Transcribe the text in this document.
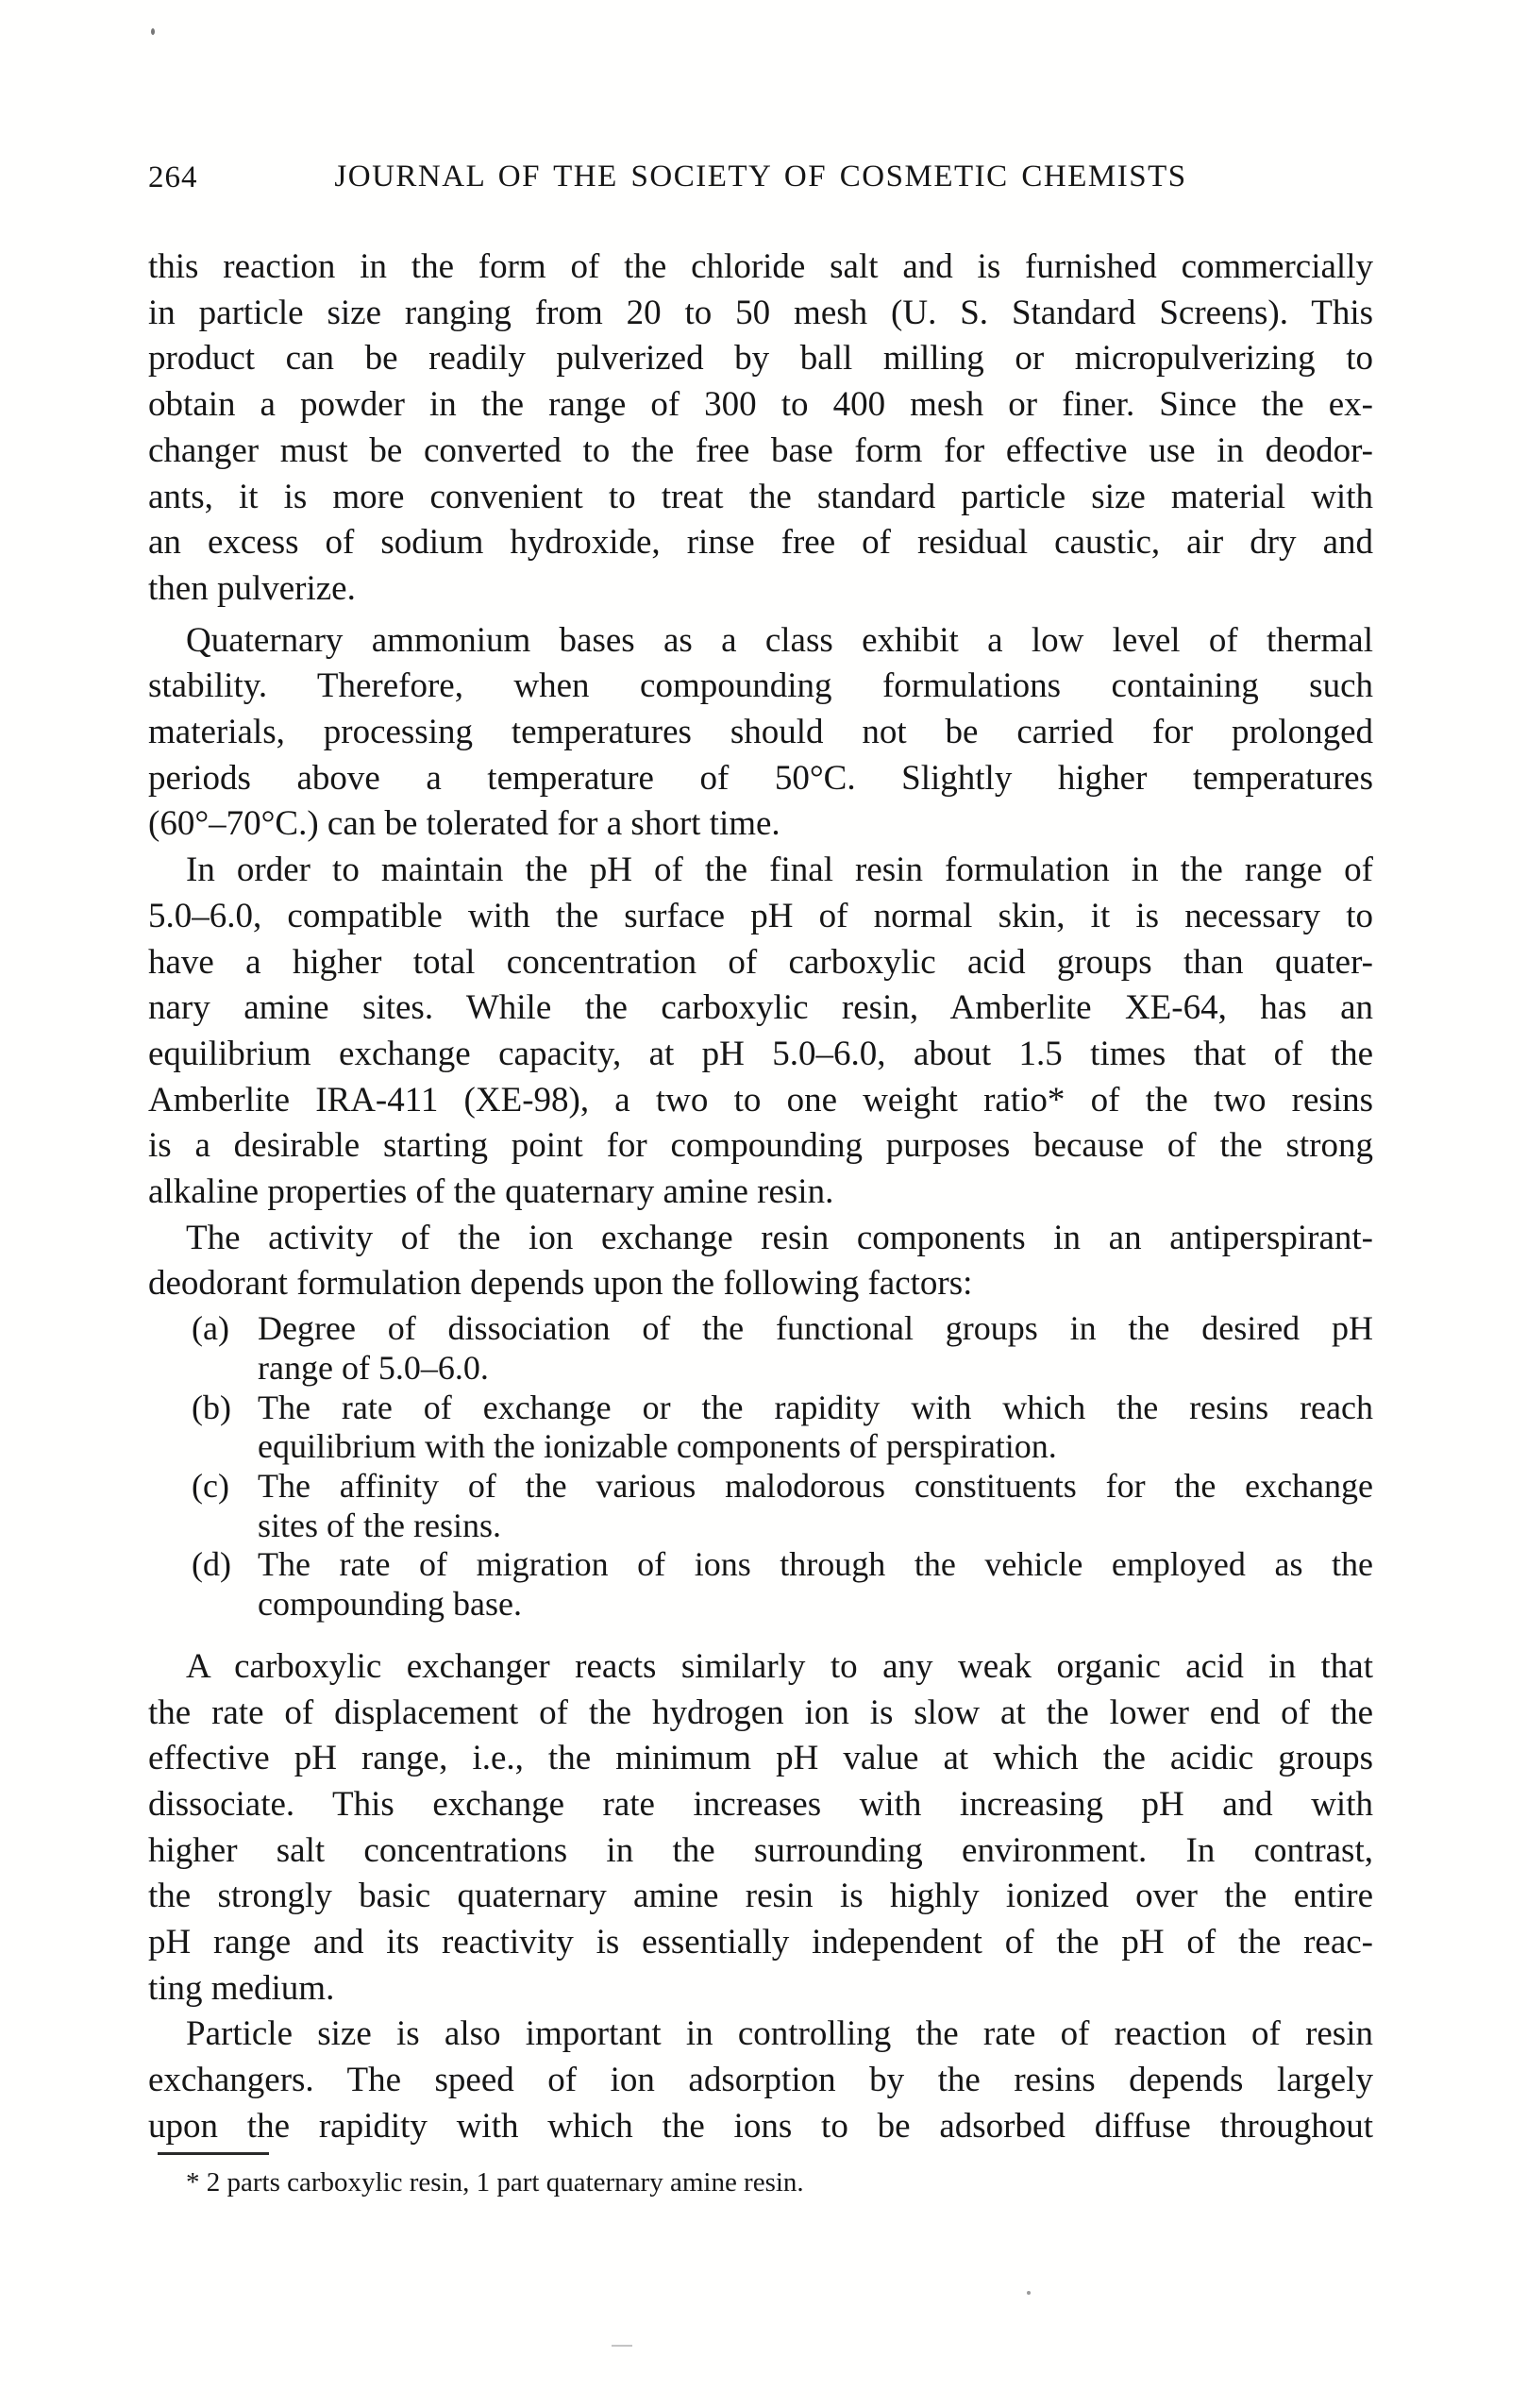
264	JOURNAL OF THE SOCIETY OF COSMETIC CHEMISTS
this reaction in the form of the chloride salt and is furnished commercially
in particle size ranging from 20 to 50 mesh (U. S. Standard Screens). This
product can be readily pulverized by ball milling or micropulverizing to
obtain a powder in the range of 300 to 400 mesh or finer. Since the ex-
changer must be converted to the free base form for effective use in deodor-
ants, it is more convenient to treat the standard particle size material with
an excess of sodium hydroxide, rinse free of residual caustic, air dry and
then pulverize.
Quaternary ammonium bases as a class exhibit a low level of thermal
stability. Therefore, when compounding formulations containing such
materials, processing temperatures should not be carried for prolonged
periods above a temperature of 50°C. Slightly higher temperatures
(60°–70°C.) can be tolerated for a short time.
In order to maintain the pH of the final resin formulation in the range of
5.0–6.0, compatible with the surface pH of normal skin, it is necessary to
have a higher total concentration of carboxylic acid groups than quater-
nary amine sites. While the carboxylic resin, Amberlite XE-64, has an
equilibrium exchange capacity, at pH 5.0–6.0, about 1.5 times that of the
Amberlite IRA-411 (XE-98), a two to one weight ratio* of the two resins
is a desirable starting point for compounding purposes because of the strong
alkaline properties of the quaternary amine resin.
The activity of the ion exchange resin components in an antiperspirant-
deodorant formulation depends upon the following factors:
(a) Degree of dissociation of the functional groups in the desired pH
range of 5.0–6.0.
(b) The rate of exchange or the rapidity with which the resins reach
equilibrium with the ionizable components of perspiration.
(c) The affinity of the various malodorous constituents for the exchange
sites of the resins.
(d) The rate of migration of ions through the vehicle employed as the
compounding base.
A carboxylic exchanger reacts similarly to any weak organic acid in that
the rate of displacement of the hydrogen ion is slow at the lower end of the
effective pH range, i.e., the minimum pH value at which the acidic groups
dissociate. This exchange rate increases with increasing pH and with
higher salt concentrations in the surrounding environment. In contrast,
the strongly basic quaternary amine resin is highly ionized over the entire
pH range and its reactivity is essentially independent of the pH of the reac-
ting medium.
Particle size is also important in controlling the rate of reaction of resin
exchangers. The speed of ion adsorption by the resins depends largely
upon the rapidity with which the ions to be adsorbed diffuse throughout
* 2 parts carboxylic resin, 1 part quaternary amine resin.
